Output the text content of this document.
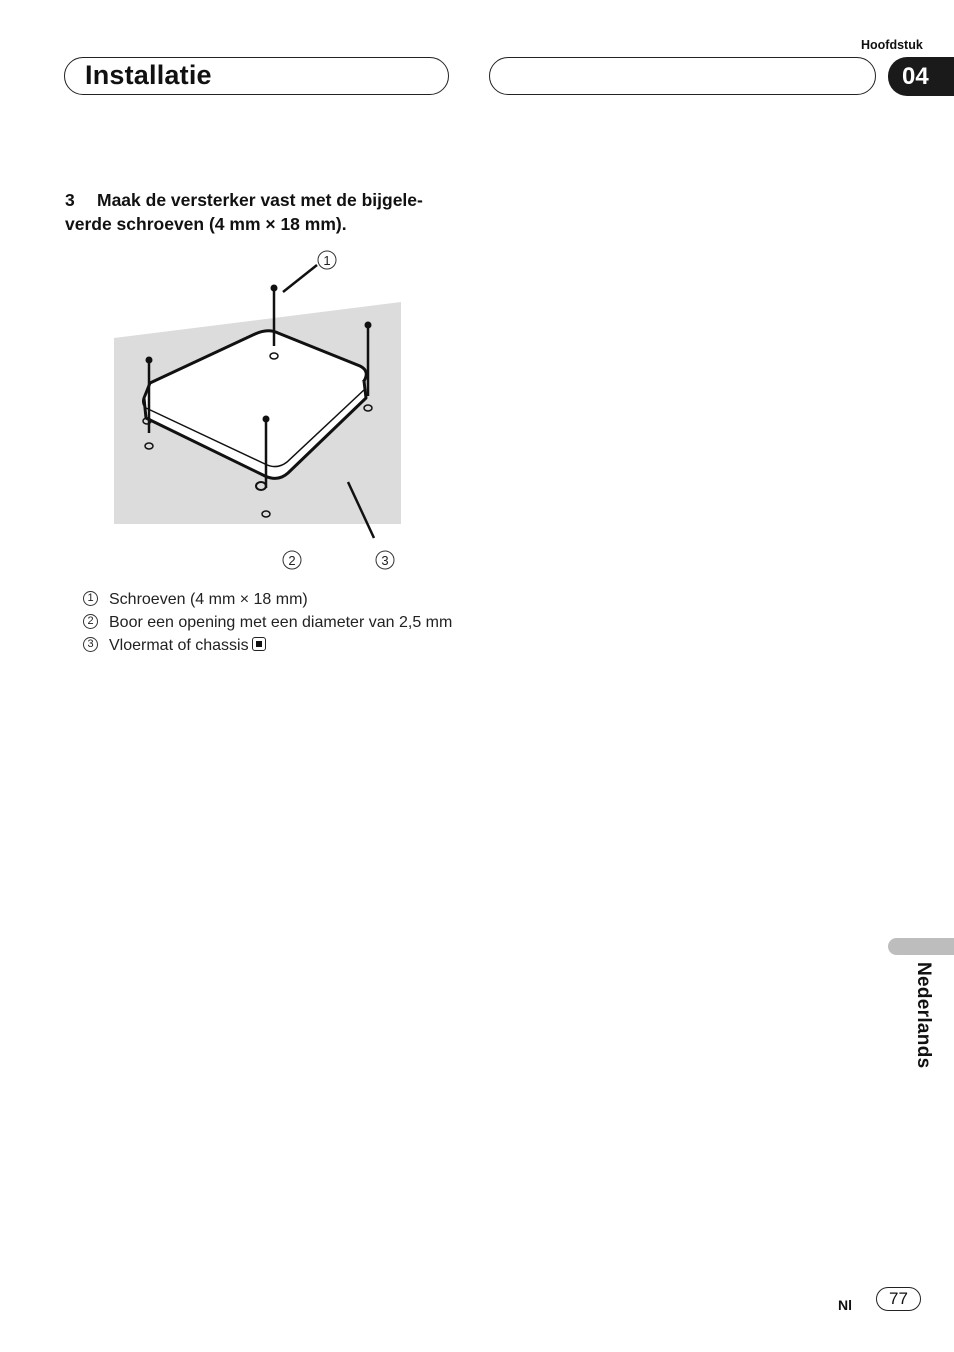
Hoofdstuk
Installatie	04
3 Maak de versterker vast met de bijgele-verde schroeven (4 mm × 18 mm).
1
2	3
1 Schroeven (4 mm × 18 mm)
2 Boor een opening met een diameter van 2,5 mm
3 Vloermat of chassis
Nederlands
Nl	77
